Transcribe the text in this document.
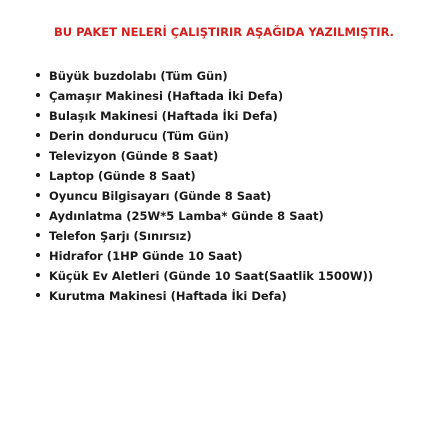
BU PAKET NELERİ ÇALIŞTIRIR AŞAĞIDA YAZILMIŞTIR.
Büyük buzdolabı (Tüm Gün)
Çamaşır Makinesi (Haftada İki Defa)
Bulaşık Makinesi (Haftada İki Defa)
Derin dondurucu (Tüm Gün)
Televizyon (Günde 8 Saat)
Laptop (Günde 8 Saat)
Oyuncu Bilgisayarı (Günde 8 Saat)
Aydınlatma (25W*5 Lamba* Günde 8 Saat)
Telefon Şarjı (Sınırsız)
Hidrafor (1HP Günde 10 Saat)
Küçük Ev Aletleri (Günde 10 Saat(Saatlik 1500W))
Kurutma Makinesi (Haftada İki Defa)
